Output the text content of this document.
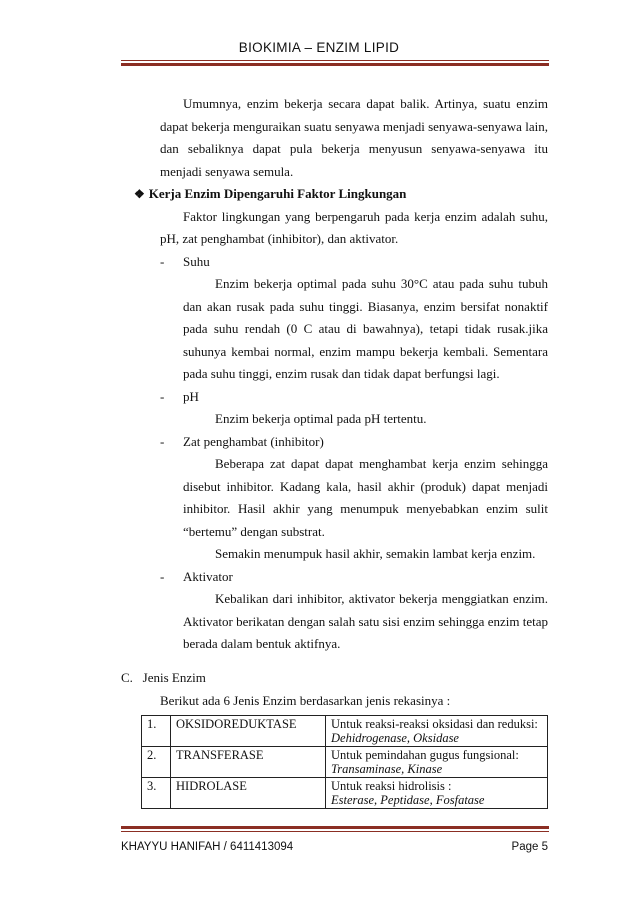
BIOKIMIA – ENZIM LIPID
Umumnya, enzim bekerja secara dapat balik. Artinya, suatu enzim
dapat bekerja menguraikan suatu senyawa menjadi senyawa-senyawa lain,
dan sebaliknya dapat pula bekerja menyusun senyawa-senyawa itu
menjadi senyawa semula.
❖ Kerja Enzim Dipengaruhi Faktor Lingkungan
Faktor lingkungan yang berpengaruh pada kerja enzim adalah suhu,
pH, zat penghambat (inhibitor), dan aktivator.
- Suhu
Enzim bekerja optimal pada suhu 30°C atau pada suhu tubuh
dan akan rusak pada suhu tinggi. Biasanya, enzim bersifat nonaktif
pada suhu rendah (0 C atau di bawahnya), tetapi tidak rusak.jika
suhunya kembai normal, enzim mampu bekerja kembali. Sementara
pada suhu tinggi, enzim rusak dan tidak dapat berfungsi lagi.
- pH
Enzim bekerja optimal pada pH tertentu.
- Zat penghambat (inhibitor)
Beberapa zat dapat dapat menghambat kerja enzim sehingga
disebut inhibitor. Kadang kala, hasil akhir (produk) dapat menjadi
inhibitor. Hasil akhir yang menumpuk menyebabkan enzim sulit
“bertemu” dengan substrat.
Semakin menumpuk hasil akhir, semakin lambat kerja enzim.
- Aktivator
Kebalikan dari inhibitor, aktivator bekerja menggiatkan enzim.
Aktivator berikatan dengan salah satu sisi enzim sehingga enzim tetap
berada dalam bentuk aktifnya.
C.   Jenis Enzim
Berikut ada 6 Jenis Enzim berdasarkan jenis rekasinya :
1.	OKSIDOREDUKTASE	Untuk reaksi-reaksi oksidasi dan reduksi:
Dehidrogenase, Oksidase

2.	TRANSFERASE	Untuk pemindahan gugus fungsional:
Transaminase, Kinase

3.	HIDROLASE	Untuk reaksi hidrolisis :
Esterase, Peptidase, Fosfatase
KHAYYU HANIFAH / 6411413094	Page 5
